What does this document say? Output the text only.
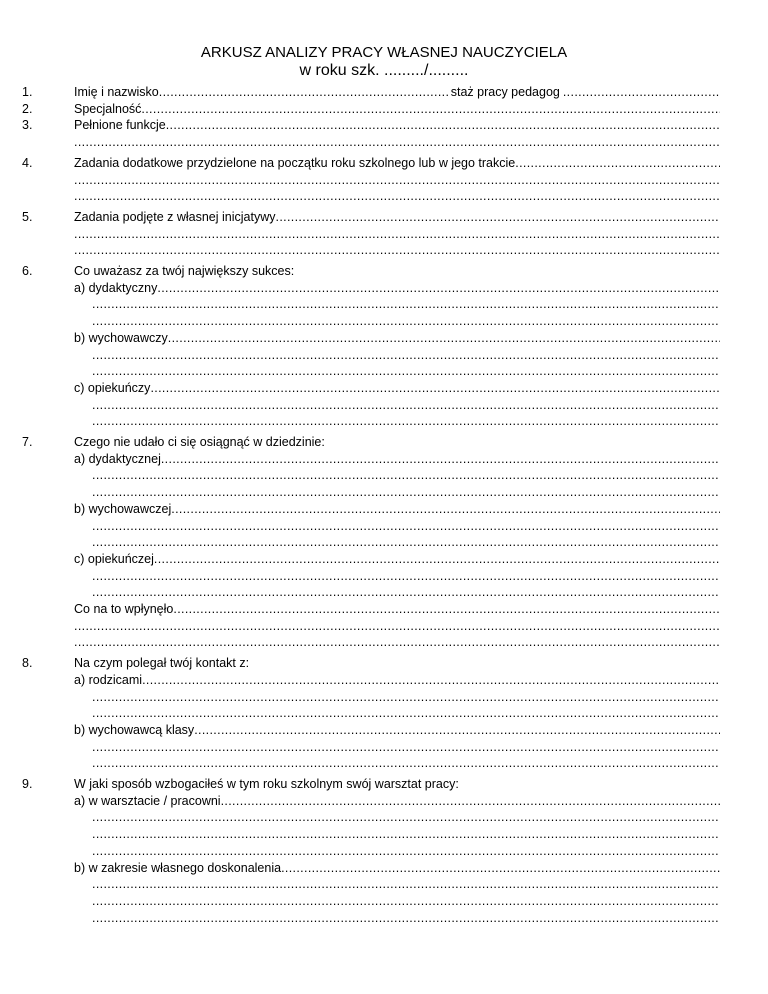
ARKUSZ ANALIZY PRACY WŁASNEJ NAUCZYCIELA
w roku szk. ........./.........
1.	Imię i nazwisko
.....	staż pracy pedagog
.....
2.	Specjalność
.....
3.	Pełnione funkcje
.....
.....
4.	Zadania dodatkowe przydzielone na początku roku szkolnego lub w jego trakcie
.....
.....
.....
5.	Zadania podjęte z własnej inicjatywy
.....
.....
.....
6.	Co uważasz za twój największy sukces:
a) dydaktyczny
.....
.....
.....
b) wychowawczy
.....
.....
.....
c) opiekuńczy
.....
.....
.....
7.	Czego nie udało ci się osiągnąć w dziedzinie:
a) dydaktycznej
.....
.....
.....
b) wychowawczej
.....
.....
.....
c) opiekuńczej
.....
.....
.....
Co na to wpłynęło
.....
.....
.....
8.	Na czym polegał twój kontakt z:
a) rodzicami
.....
.....
.....
b) wychowawcą klasy
.....
.....
.....
9.	W jaki sposób wzbogaciłeś w tym roku szkolnym swój warsztat pracy:
a) w warsztacie / pracowni
.....
.....
.....
.....
b) w zakresie własnego doskonalenia
.....
.....
.....
.....
